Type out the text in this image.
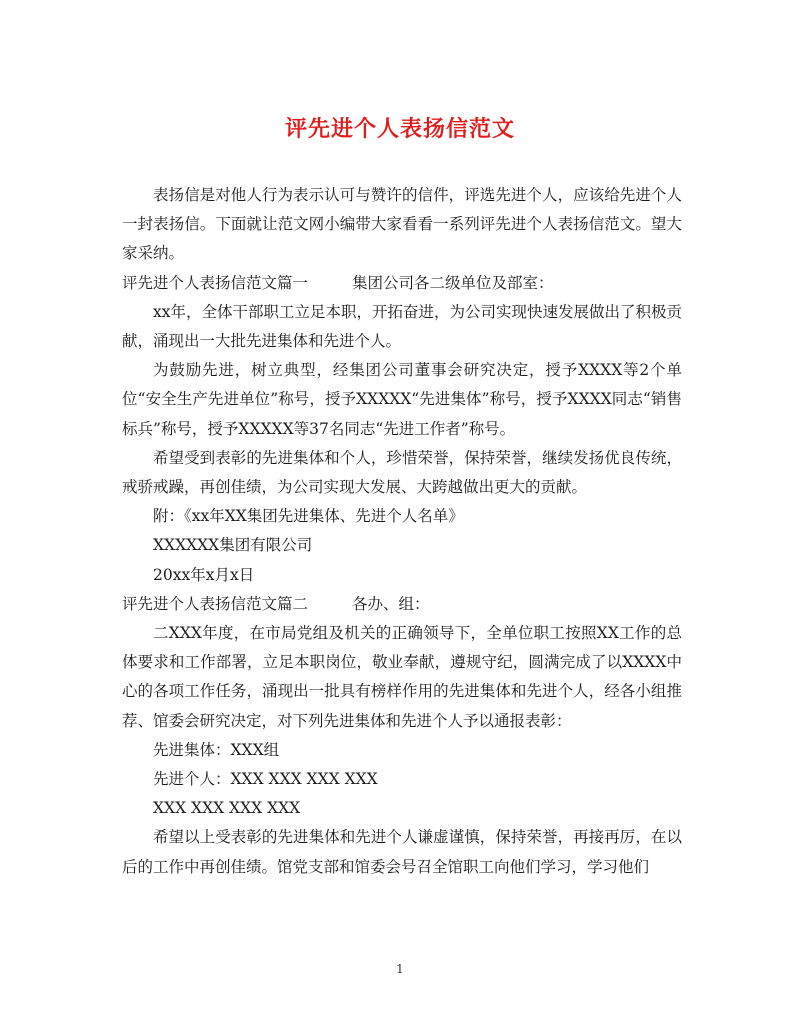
评先进个人表扬信范文

表扬信是对他人行为表示认可与赞许的信件，评选先进个人，应该给先进个人一封表扬信。下面就让范文网小编带大家看看一系列评先进个人表扬信范文。望大家采纳。

评先进个人表扬信范文篇一	集团公司各二级单位及部室：

xx年，全体干部职工立足本职，开拓奋进，为公司实现快速发展做出了积极贡献，涌现出一大批先进集体和先进个人。

为鼓励先进，树立典型，经集团公司董事会研究决定，授予XXXX等2个单位“安全生产先进单位”称号，授予XXXXX“先进集体”称号，授予XXXX同志“销售标兵”称号，授予XXXXX等37名同志“先进工作者”称号。

希望受到表彰的先进集体和个人，珍惜荣誉，保持荣誉，继续发扬优良传统，戒骄戒躁，再创佳绩，为公司实现大发展、大跨越做出更大的贡献。

附：《xx年XX集团先进集体、先进个人名单》

XXXXXX集团有限公司

20xx年x月x日

评先进个人表扬信范文篇二	各办、组：

二XXX年度，在市局党组及机关的正确领导下，全单位职工按照XX工作的总体要求和工作部署，立足本职岗位，敬业奉献，遵规守纪，圆满完成了以XXXX中心的各项工作任务，涌现出一批具有榜样作用的先进集体和先进个人，经各小组推荐、馆委会研究决定，对下列先进集体和先进个人予以通报表彰：

先进集体：XXX组

先进个人：XXX XXX XXX XXX

XXX XXX XXX XXX

希望以上受表彰的先进集体和先进个人谦虚谨慎，保持荣誉，再接再厉，在以后的工作中再创佳绩。馆党支部和馆委会号召全馆职工向他们学习，学习他们

1
